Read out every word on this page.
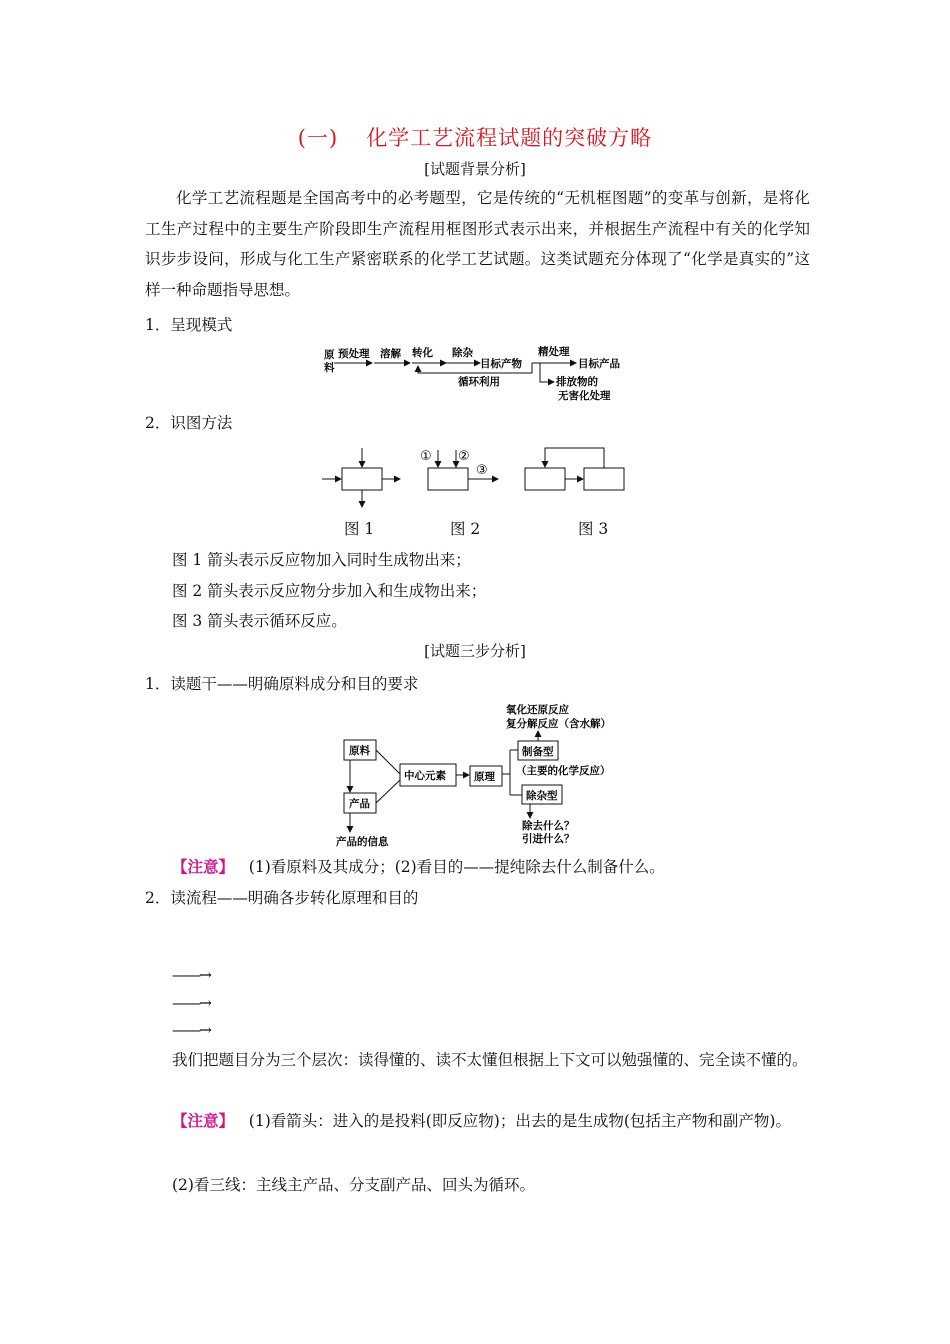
(一) 化学工艺流程试题的突破方略
[试题背景分析]
化学工艺流程题是全国高考中的必考题型，它是传统的“无机框图题”的变革与创新，是将化工生产过程中的主要生产阶段即生产流程用框图形式表示出来，并根据生产流程中有关的化学知识步步设问，形成与化工生产紧密联系的化学工艺试题。这类试题充分体现了“化学是真实的”这样一种命题指导思想。
1．呈现模式
原
料
预处理 溶解 转化 除杂
目标产物
精处理
目标产品
循环利用	排放物的
无害化处理
2．识图方法
① ②
③
图 1	图 2	图 3
图 1 箭头表示反应物加入同时生成物出来；
图 2 箭头表示反应物分步加入和生成物出来；
图 3 箭头表示循环反应。
[试题三步分析]
1．读题干——明确原料成分和目的要求
氧化还原反应
复分解反应（含水解）
原料
产品
产品的信息
中心元素	原理
制备型
（主要的化学反应）
除杂型
除去什么？
引进什么？
【注意】 (1)看原料及其成分；(2)看目的——提纯除去什么制备什么。
2．读流程——明确各步转化原理和目的
——→
——→
——→
我们把题目分为三个层次：读得懂的、读不太懂但根据上下文可以勉强懂的、完全读不懂的。
【注意】 (1)看箭头：进入的是投料(即反应物)；出去的是生成物(包括主产物和副产物)。
(2)看三线：主线主产品、分支副产品、回头为循环。
